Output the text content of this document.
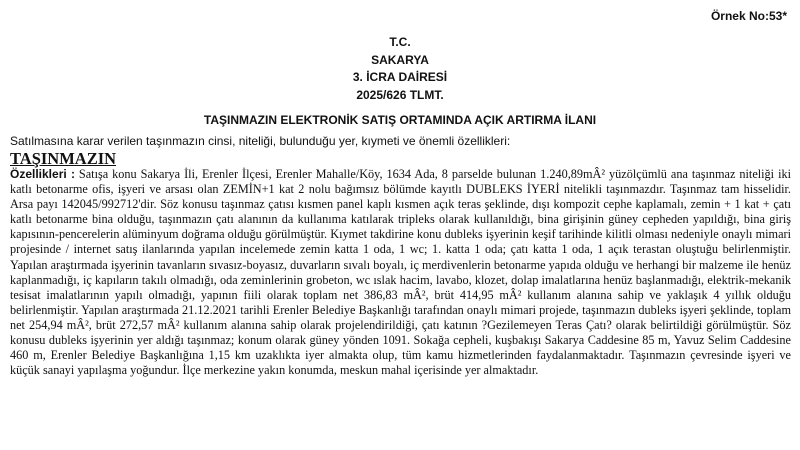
Örnek No:53*
T.C.
SAKARYA
3. İCRA DAİRESİ
2025/626 TLMT.
TAŞINMAZIN ELEKTRONİK SATIŞ ORTAMINDA AÇIK ARTIRMA İLANI
Satılmasına karar verilen taşınmazın cinsi, niteliği, bulunduğu yer, kıymeti ve önemli özellikleri:
TAŞINMAZIN

Özellikleri : Satışa konu Sakarya İli, Erenler İlçesi, Erenler Mahalle/Köy, 1634 Ada, 8 parselde bulunan 1.240,89mÂ² yüzölçümlü ana taşınmaz niteliği iki katlı betonarme ofis, işyeri ve arsası olan ZEMİN+1 kat 2 nolu bağımsız bölümde kayıtlı DUBLEKS İYERİ nitelikli taşınmazdır. Taşınmaz tam hisselidir. Arsa payı 142045/992712'dir. Söz konusu taşınmaz çatısı kısmen panel kaplı kısmen açık teras şeklinde, dışı kompozit cephe kaplamalı, zemin + 1 kat + çatı katlı betonarme bina olduğu, taşınmazın çatı alanının da kullanıma katılarak tripleks olarak kullanıldığı, bina girişinin güney cepheden yapıldığı, bina giriş kapısının-pencerelerin alüminyum doğrama olduğu görülmüştür. Kıymet takdirine konu dubleks işyerinin keşif tarihinde kilitli olması nedeniyle onaylı mimari projesinde / internet satış ilanlarında yapılan incelemede zemin katta 1 oda, 1 wc; 1. katta 1 oda; çatı katta 1 oda, 1 açık terastan oluştuğu belirlenmiştir. Yapılan araştırmada işyerinin tavanların sıvasız-boyasız, duvarların sıvalı boyalı, iç merdivenlerin betonarme yapıda olduğu ve herhangi bir malzeme ile henüz kaplanmadığı, iç kapıların takılı olmadığı, oda zeminlerinin grobeton, wc ıslak hacim, lavabo, klozet, dolap imalatlarına henüz başlanmadığı, elektrik-mekanik tesisat imalatlarının yapılı olmadığı, yapının fiili olarak toplam net 386,83 mÂ², brüt 414,95 mÂ² kullanım alanına sahip ve yaklaşık 4 yıllık olduğu belirlenmiştir. Yapılan araştırmada 21.12.2021 tarihli Erenler Belediye Başkanlığı tarafından onaylı mimari projede, taşınmazın dubleks işyeri şeklinde, toplam net 254,94 mÂ², brüt 272,57 mÂ² kullanım alanına sahip olarak projelendirildiği, çatı katının ?Gezilemeyen Teras Çatı? olarak belirtildiği görülmüştür. Söz konusu dubleks işyerinin yer aldığı taşınmaz; konum olarak güney yönden 1091. Sokağa cepheli, kuşbakışı Sakarya Caddesine 85 m, Yavuz Selim Caddesine 460 m, Erenler Belediye Başkanlığına 1,15 km uzaklıkta iyer almakta olup, tüm kamu hizmetlerinden faydalanmaktadır. Taşınmazın çevresinde işyeri ve küçük sanayi yapılaşma yoğundur. İlçe merkezine yakın konumda, meskun mahal içerisinde yer almaktadır.
